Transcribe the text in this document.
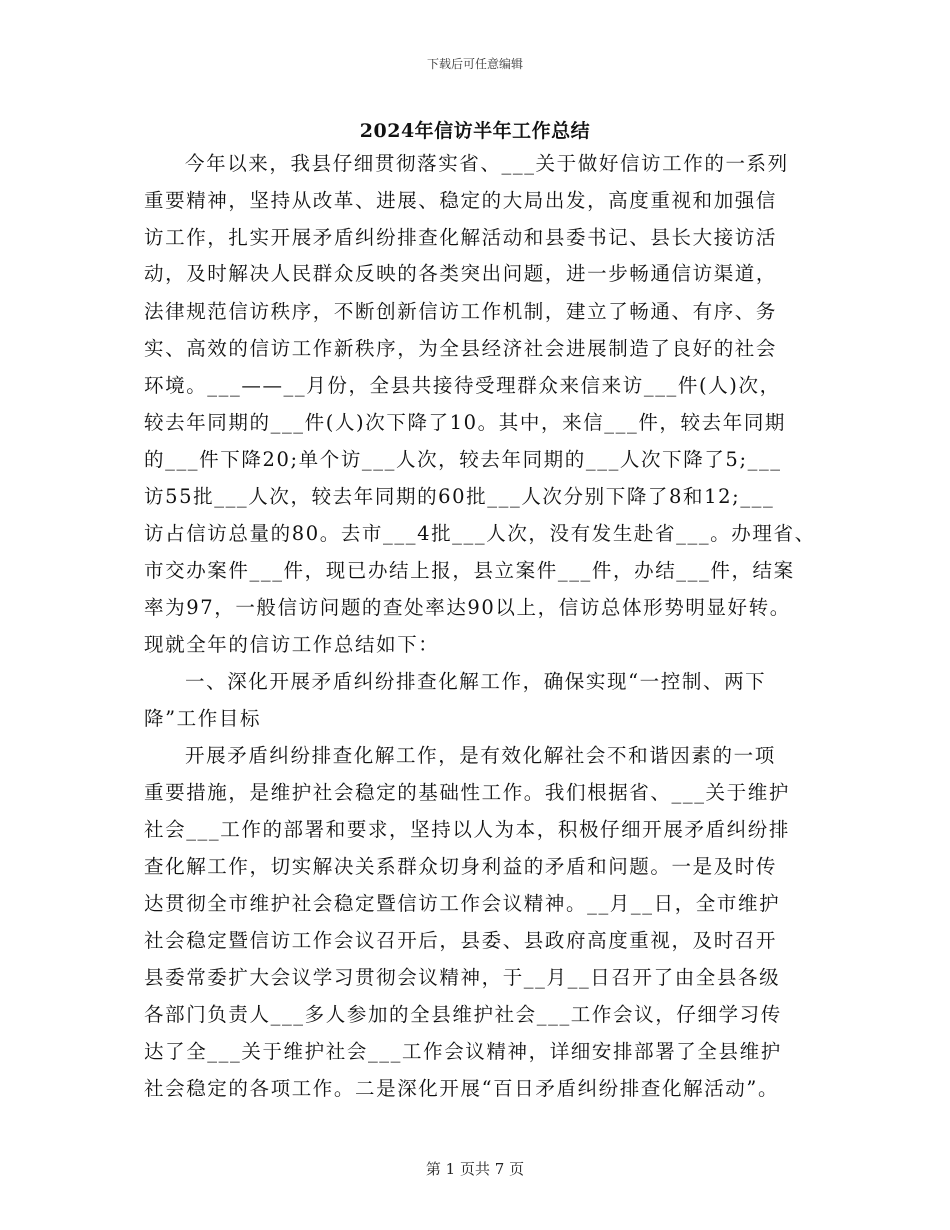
下载后可任意编辑
2024年信访半年工作总结
今年以来，我县仔细贯彻落实省、___关于做好信访工作的一系列
重要精神，坚持从改革、进展、稳定的大局出发，高度重视和加强信
访工作，扎实开展矛盾纠纷排查化解活动和县委书记、县长大接访活
动，及时解决人民群众反映的各类突出问题，进一步畅通信访渠道，
法律规范信访秩序，不断创新信访工作机制，建立了畅通、有序、务
实、高效的信访工作新秩序，为全县经济社会进展制造了良好的社会
环境。___——__月份，全县共接待受理群众来信来访___件(人)次，
较去年同期的___件(人)次下降了10。其中，来信___件，较去年同期
的___件下降20;单个访___人次，较去年同期的___人次下降了5;___
访55批___人次，较去年同期的60批___人次分别下降了8和12;___
访占信访总量的80。去市___4批___人次，没有发生赴省___。办理省、
市交办案件___件，现已办结上报，县立案件___件，办结___件，结案
率为97，一般信访问题的查处率达90以上，信访总体形势明显好转。
现就全年的信访工作总结如下：
一、深化开展矛盾纠纷排查化解工作，确保实现“一控制、两下
降”工作目标
开展矛盾纠纷排查化解工作，是有效化解社会不和谐因素的一项
重要措施，是维护社会稳定的基础性工作。我们根据省、___关于维护
社会___工作的部署和要求，坚持以人为本，积极仔细开展矛盾纠纷排
查化解工作，切实解决关系群众切身利益的矛盾和问题。一是及时传
达贯彻全市维护社会稳定暨信访工作会议精神。__月__日，全市维护
社会稳定暨信访工作会议召开后，县委、县政府高度重视，及时召开
县委常委扩大会议学习贯彻会议精神，于__月__日召开了由全县各级
各部门负责人___多人参加的全县维护社会___工作会议，仔细学习传
达了全___关于维护社会___工作会议精神，详细安排部署了全县维护
社会稳定的各项工作。二是深化开展“百日矛盾纠纷排查化解活动”。
第 1 页共 7 页
